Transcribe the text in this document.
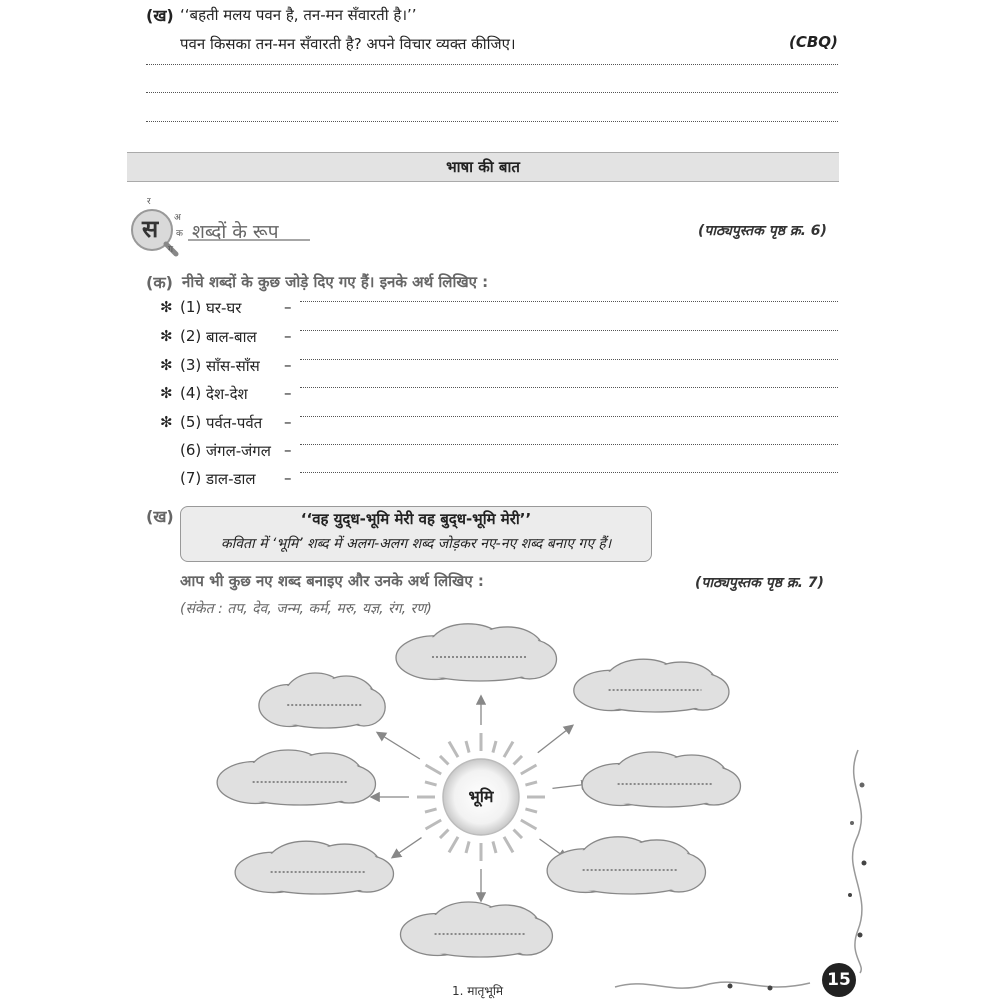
(ख) ‘‘बहती मलय पवन है, तन-मन सँवारती है।’’
पवन किसका तन-मन सँवारती है? अपने विचार व्यक्त कीजिए।	(CBQ)
भाषा की बात
स
र
अ
क
ग
शब्दों के रूप	(पाठ्यपुस्तक पृष्ठ क्र. 6)
(क) नीचे शब्दों के कुछ जोड़े दिए गए हैं। इनके अर्थ लिखिए :
✻ (1) घर-घर	–
✻ (2) बाल-बाल –
✻ (3) साँस-साँस –
✻ (4) देश-देश –
✻ (5) पर्वत-पर्वत –
(6) जंगल-जंगल –
(7) डाल-डाल –
(ख)	‘‘वह युद्‌ध-भूमि मेरी वह बुद्‌ध-भूमि मेरी’’
कविता में ‘भूमि’ शब्द में अलग-अलग शब्द जोड़कर नए-नए शब्द बनाए गए हैं।
आप भी कुछ नए शब्द बनाइए और उनके अर्थ लिखिए :	(पाठ्यपुस्तक पृष्ठ क्र. 7)
(संकेत : तप, देव, जन्म, कर्म, मरु, यज्ञ, रंग, रण)
भूमि
1. मातृभूमि
15
